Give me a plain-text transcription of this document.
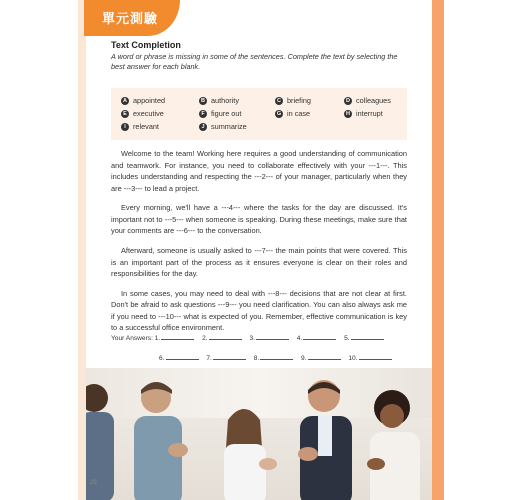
單元測驗

Text Completion

A word or phrase is missing in some of the sentences. Complete the text by selecting the best answer for each blank.
A appointed	B authority	C briefing	D colleagues
E executive	F figure out	G in case	H interrupt
I relevant	J summarize

Welcome to the team! Working here requires a good understanding of communication and teamwork. For instance, you need to collaborate effectively with your ---1---. This includes understanding and respecting the ---2--- of your manager, particularly when they are ---3--- to lead a project.

Every morning, we'll have a ---4--- where the tasks for the day are discussed. It's important not to ---5--- when someone is speaking. During these meetings, make sure that your comments are ---6--- to the conversation.

Afterward, someone is usually asked to ---7--- the main points that were covered. This is an important part of the process as it ensures everyone is clear on their roles and responsibilities for the day.

In some cases, you may need to deal with ---8--- decisions that are not clear at first. Don't be afraid to ask questions ---9--- you need clarification. You can also always ask me if you need to ---10--- what is expected of you. Remember, effective communication is key to a successful office environment.

Your Answers: 1.	2.	3.	4.	5.
6.	7.	8.	9.	10.
26
